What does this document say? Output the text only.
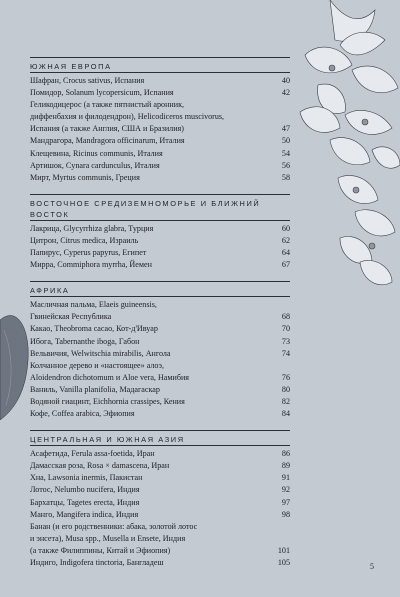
ЮЖНАЯ ЕВРОПА
Шафран, Crocus sativus, Испания	40
Помидор, Solanum lycopersicum, Испания	42
Геликодицерос (а также пятнистый аронник,
диффенбахия и филодендрон), Helicodiceros muscivorus,
Испания (а также Англия, США и Бразилия)	47
Мандрагора, Mandragora officinarum, Италия	50
Клещевина, Ricinus communis, Италия	54
Артишок, Cynara cardunculus, Италия	56
Мирт, Myrtus communis, Греция	58
ВОСТОЧНОЕ СРЕДИЗЕМНОМОРЬЕ И БЛИЖНИЙ ВОСТОК
Лакрица, Glycyrrhiza glabra, Турция	60
Цитрон, Citrus medica, Израиль	62
Папирус, Cyperus papyrus, Египет	64
Мирра, Commiphora myrrha, Йемен	67
АФРИКА
Масличная пальма, Elaeis guineensis,
Гвинейская Республика	68
Какао, Theobroma cacao, Кот-д'Ивуар	70
Ибога, Tabernanthe iboga, Габон	73
Вельвичия, Welwitschia mirabilis, Ангола	74
Колчанное дерево и «настоящее» алоэ,
Aloidendron dichotomum и Aloe vera, Намибия	76
Ваниль, Vanilla planifolia, Мадагаскар	80
Водяной гиацинт, Eichhornia crassipes, Кения	82
Кофе, Coffea arabica, Эфиопия	84
ЦЕНТРАЛЬНАЯ И ЮЖНАЯ АЗИЯ
Асафетида, Ferula assa-foetida, Иран	86
Дамасская роза, Rosa × damascena, Иран	89
Хна, Lawsonia inermis, Пакистан	91
Лотос, Nelumbo nucifera, Индия	92
Бархатцы, Tagetes erecta, Индия	97
Манго, Mangifera indica, Индия	98
Банан (и его родственники: абака, золотой лотос
и энсета), Musa spp., Musella и Ensete, Индия
(а также Филиппины, Китай и Эфиопия)	101
Индиго, Indigofera tinctoria, Бангладеш	105	5
